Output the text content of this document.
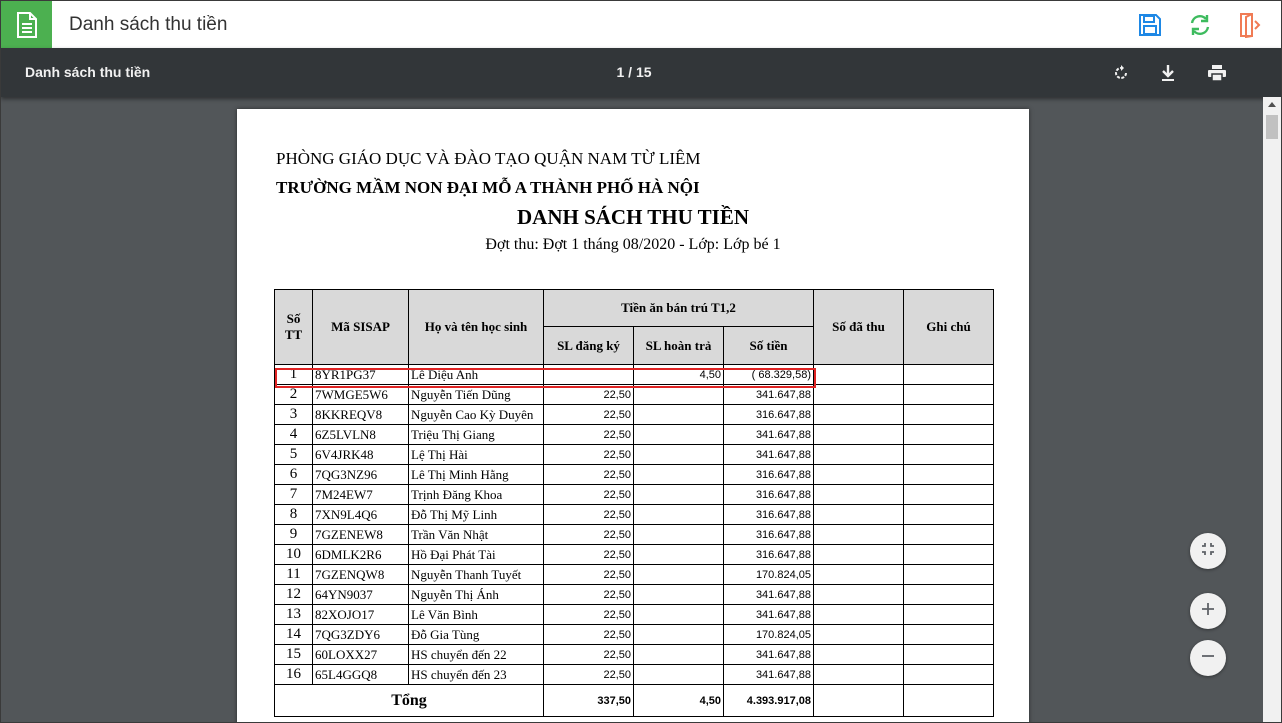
Danh sách thu tiền
Danh sách thu tiền	1 / 15
PHÒNG GIÁO DỤC VÀ ĐÀO TẠO QUẬN NAM TỪ LIÊM
TRƯỜNG MẦM NON ĐẠI MỖ A THÀNH PHỐ HÀ NỘI
DANH SÁCH THU TIỀN
Đợt thu: Đợt 1 tháng 08/2020 - Lớp: Lớp bé 1
Số TT	Mã SISAP	Họ và tên học sinh	Tiền ăn bán trú T1,2			Số đã thu	Ghi chú
			SL đăng ký	SL hoàn trả	Số tiền		
1	8YR1PG37	Lê Diệu Anh		4,50	( 68.329,58)		
2	7WMGE5W6	Nguyễn Tiến Dũng	22,50		341.647,88		
3	8KKREQV8	Nguyễn Cao Kỳ Duyên	22,50		316.647,88		
4	6Z5LVLN8	Triệu Thị Giang	22,50		341.647,88		
5	6V4JRK48	Lệ Thị Hài	22,50		341.647,88		
6	7QG3NZ96	Lê Thị Minh Hằng	22,50		316.647,88		
7	7M24EW7	Trịnh Đăng Khoa	22,50		316.647,88		
8	7XN9L4Q6	Đỗ Thị Mỹ Linh	22,50		316.647,88		
9	7GZENEW8	Trần Văn Nhật	22,50		316.647,88		
10	6DMLK2R6	Hồ Đại Phát Tài	22,50		316.647,88		
11	7GZENQW8	Nguyễn Thanh Tuyết	22,50		170.824,05		
12	64YN9037	Nguyễn Thị Ánh	22,50		341.647,88		
13	82XOJO17	Lê Văn Bình	22,50		341.647,88		
14	7QG3ZDY6	Đỗ Gia Tùng	22,50		170.824,05		
15	60LOXX27	HS chuyển đến 22	22,50		341.647,88		
16	65L4GGQ8	HS chuyển đến 23	22,50		341.647,88		
Tổng			337,50	4,50	4.393.917,08		
